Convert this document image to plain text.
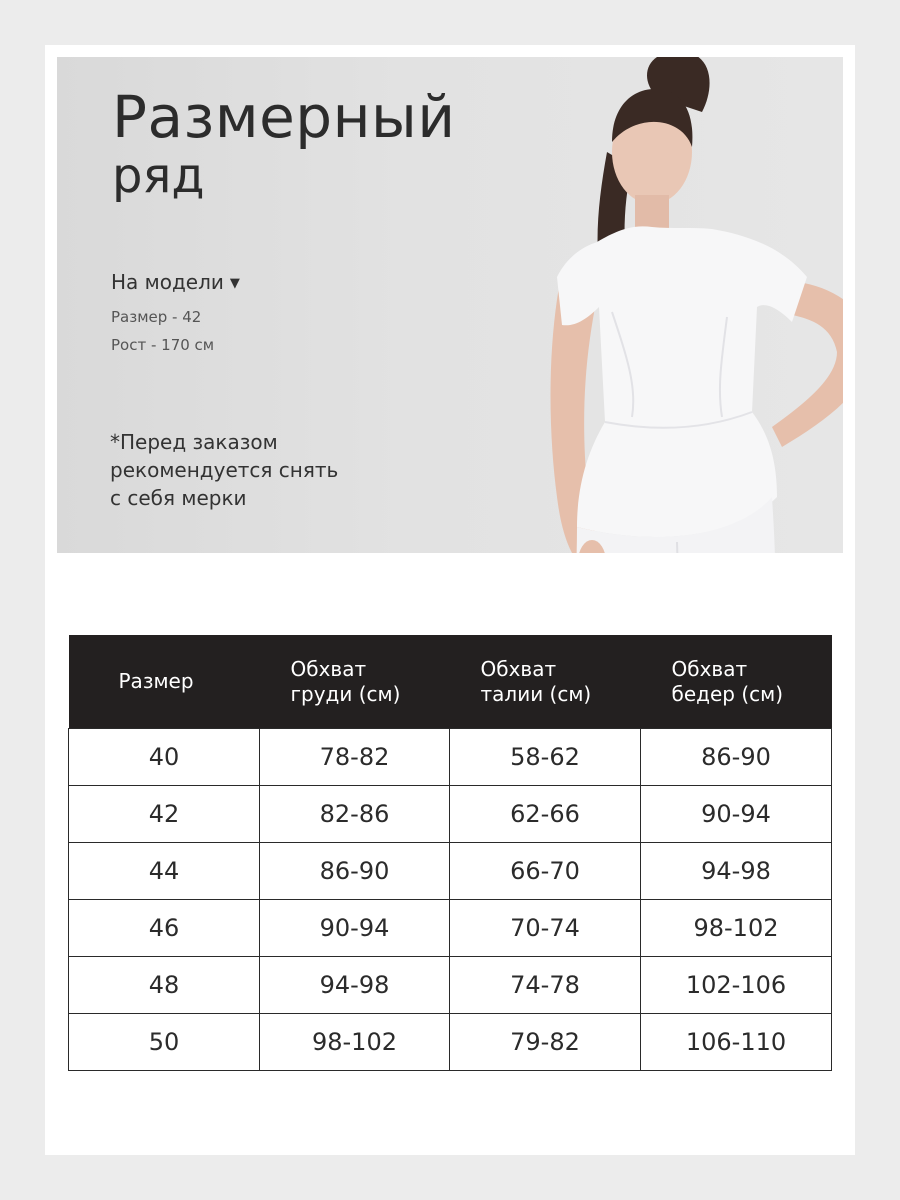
Размерный
ряд
На модели ▼
Размер - 42
Рост - 170 см
*Перед заказом
рекомендуется снять
с себя мерки
Размер	Обхват груди (см)	Обхват талии (см)	Обхват бедер (см)

40	78-82	58-62	86-90
42	82-86	62-66	90-94
44	86-90	66-70	94-98
46	90-94	70-74	98-102
48	94-98	74-78	102-106
50	98-102	79-82	106-110
